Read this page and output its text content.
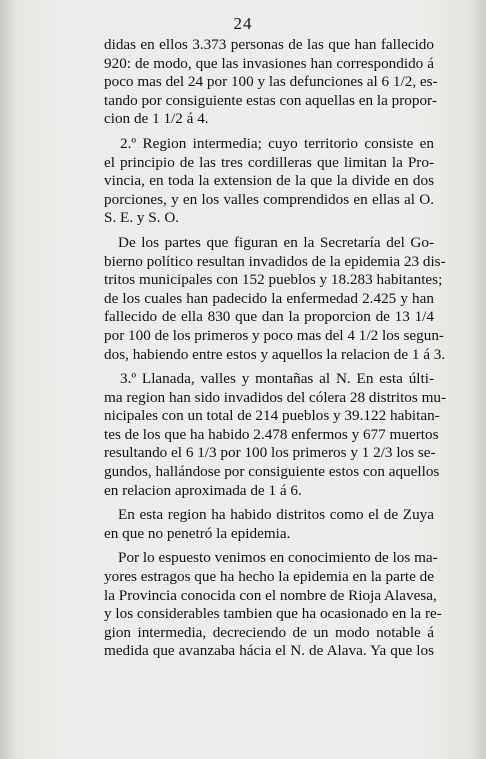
24
didas en ellos 3.373 personas de las que han fallecido
920: de modo, que las invasiones han correspondido á
poco mas del 24 por 100 y las defunciones al 6 1/2, es-
tando por consiguiente estas con aquellas en la propor-
cion de 1 1/2 á 4.
2.º Region intermedia; cuyo territorio consiste en
el principio de las tres cordilleras que limitan la Pro-
vincia, en toda la extension de la que la divide en dos
porciones, y en los valles comprendidos en ellas al O.
S. E. y S. O.
De los partes que figuran en la Secretaría del Go-
bierno político resultan invadidos de la epidemia 23 dis-
tritos municipales con 152 pueblos y 18.283 habitantes;
de los cuales han padecido la enfermedad 2.425 y han
fallecido de ella 830 que dan la proporcion de 13 1/4
por 100 de los primeros y poco mas del 4 1/2 los segun-
dos, habiendo entre estos y aquellos la relacion de 1 á 3.
3.º Llanada, valles y montañas al N. En esta últi-
ma region han sido invadidos del cólera 28 distritos mu-
nicipales con un total de 214 pueblos y 39.122 habitan-
tes de los que ha habido 2.478 enfermos y 677 muertos
resultando el 6 1/3 por 100 los primeros y 1 2/3 los se-
gundos, hallándose por consiguiente estos con aquellos
en relacion aproximada de 1 á 6.
En esta region ha habido distritos como el de Zuya
en que no penetró la epidemia.
Por lo espuesto venimos en conocimiento de los ma-
yores estragos que ha hecho la epidemia en la parte de
la Provincia conocida con el nombre de Rioja Alavesa,
y los considerables tambien que ha ocasionado en la re-
gion intermedia, decreciendo de un modo notable á
medida que avanzaba hácia el N. de Alava. Ya que los
